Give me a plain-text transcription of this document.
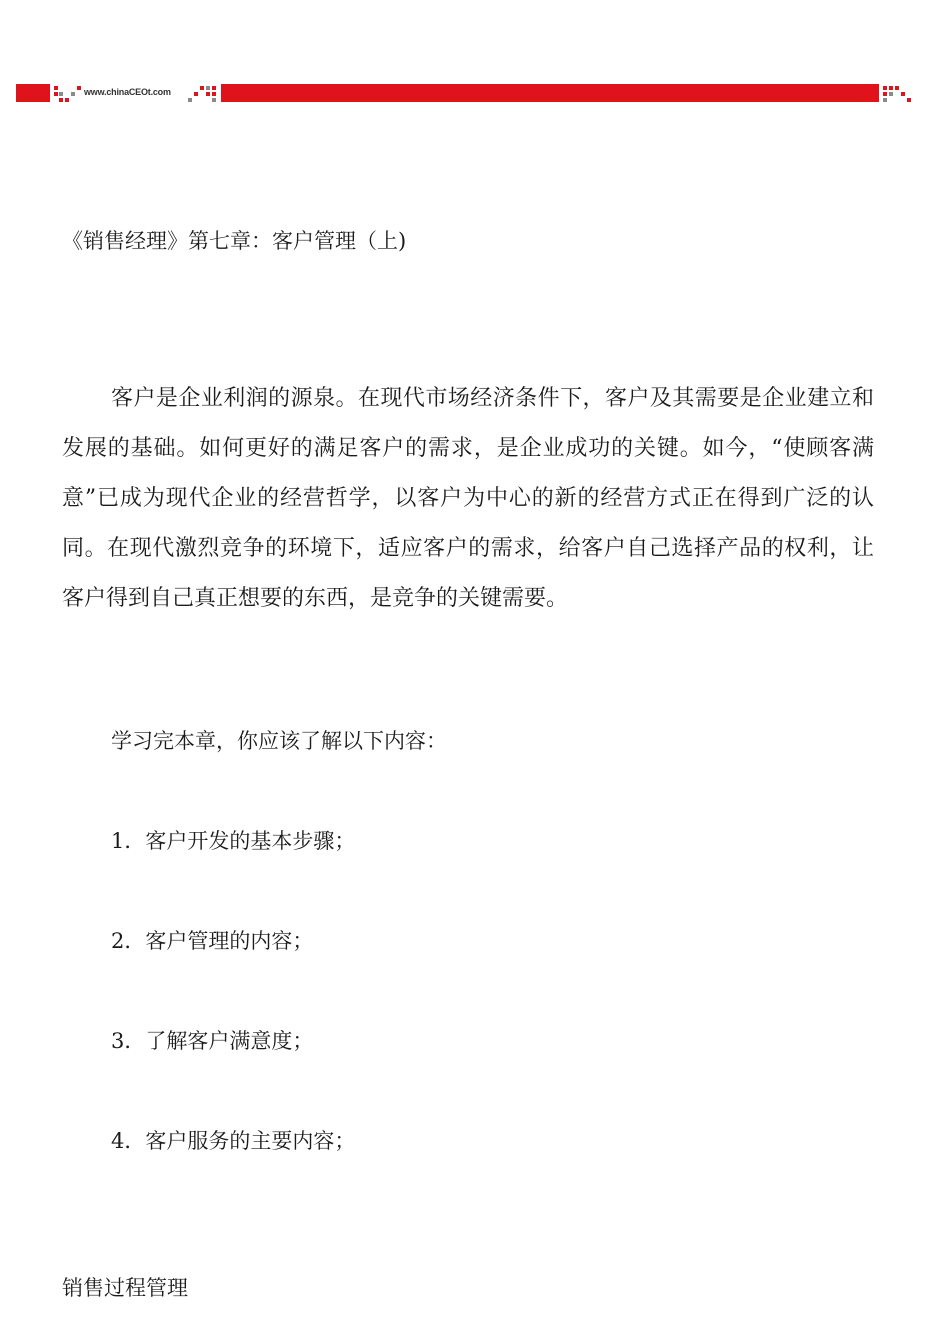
www.chinaCEOt.com
《销售经理》第七章：客户管理（上)

客户是企业利润的源泉。在现代市场经济条件下，客户及其需要是企业建立和发展的基础。如何更好的满足客户的需求，是企业成功的关键。如今，“使顾客满意”已成为现代企业的经营哲学，以客户为中心的新的经营方式正在得到广泛的认同。在现代激烈竞争的环境下，适应客户的需求，给客户自己选择产品的权利，让客户得到自己真正想要的东西，是竞争的关键需要。

学习完本章，你应该了解以下内容：
1．客户开发的基本步骤；
2．客户管理的内容；
3．了解客户满意度；
4．客户服务的主要内容；
销售过程管理
